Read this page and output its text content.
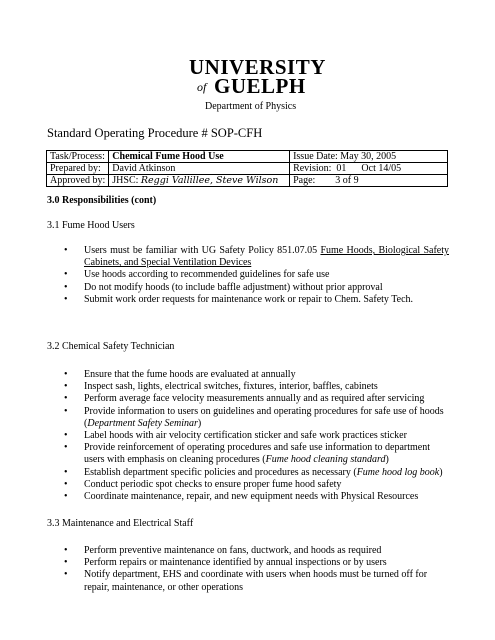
UNIVERSITY
of GUELPH
Department of Physics
Standard Operating Procedure # SOP-CFH
Task/Process:	Chemical Fume Hood Use	Issue Date: May 30, 2005
Prepared by:	David Atkinson	Revision:  01      Oct 14/05
Approved by:	JHSC: Reggi Vallillee, Steve Wilson	Page:        3 of 9
3.0 Responsibilities (cont)
3.1 Fume Hood Users
• Users must be familiar with UG Safety Policy 851.07.05 Fume Hoods, Biological Safety Cabinets, and Special Ventilation Devices
• Use hoods according to recommended guidelines for safe use
• Do not modify hoods (to include baffle adjustment) without prior approval
• Submit work order requests for maintenance work or repair to Chem. Safety Tech.
3.2 Chemical Safety Technician
• Ensure that the fume hoods are evaluated at annually
• Inspect sash, lights, electrical switches, fixtures, interior, baffles, cabinets
• Perform average face velocity measurements annually and as required after servicing
• Provide information to users on guidelines and operating procedures for safe use of hoods (Department Safety Seminar)
• Label hoods with air velocity certification sticker and safe work practices sticker
• Provide reinforcement of operating procedures and safe use information to department users with emphasis on cleaning procedures (Fume hood cleaning standard)
• Establish department specific policies and procedures as necessary (Fume hood log book)
• Conduct periodic spot checks to ensure proper fume hood safety
• Coordinate maintenance, repair, and new equipment needs with Physical Resources
3.3 Maintenance and Electrical Staff
• Perform preventive maintenance on fans, ductwork, and hoods as required
• Perform repairs or maintenance identified by annual inspections or by users
• Notify department, EHS and coordinate with users when hoods must be turned off for repair, maintenance, or other operations
